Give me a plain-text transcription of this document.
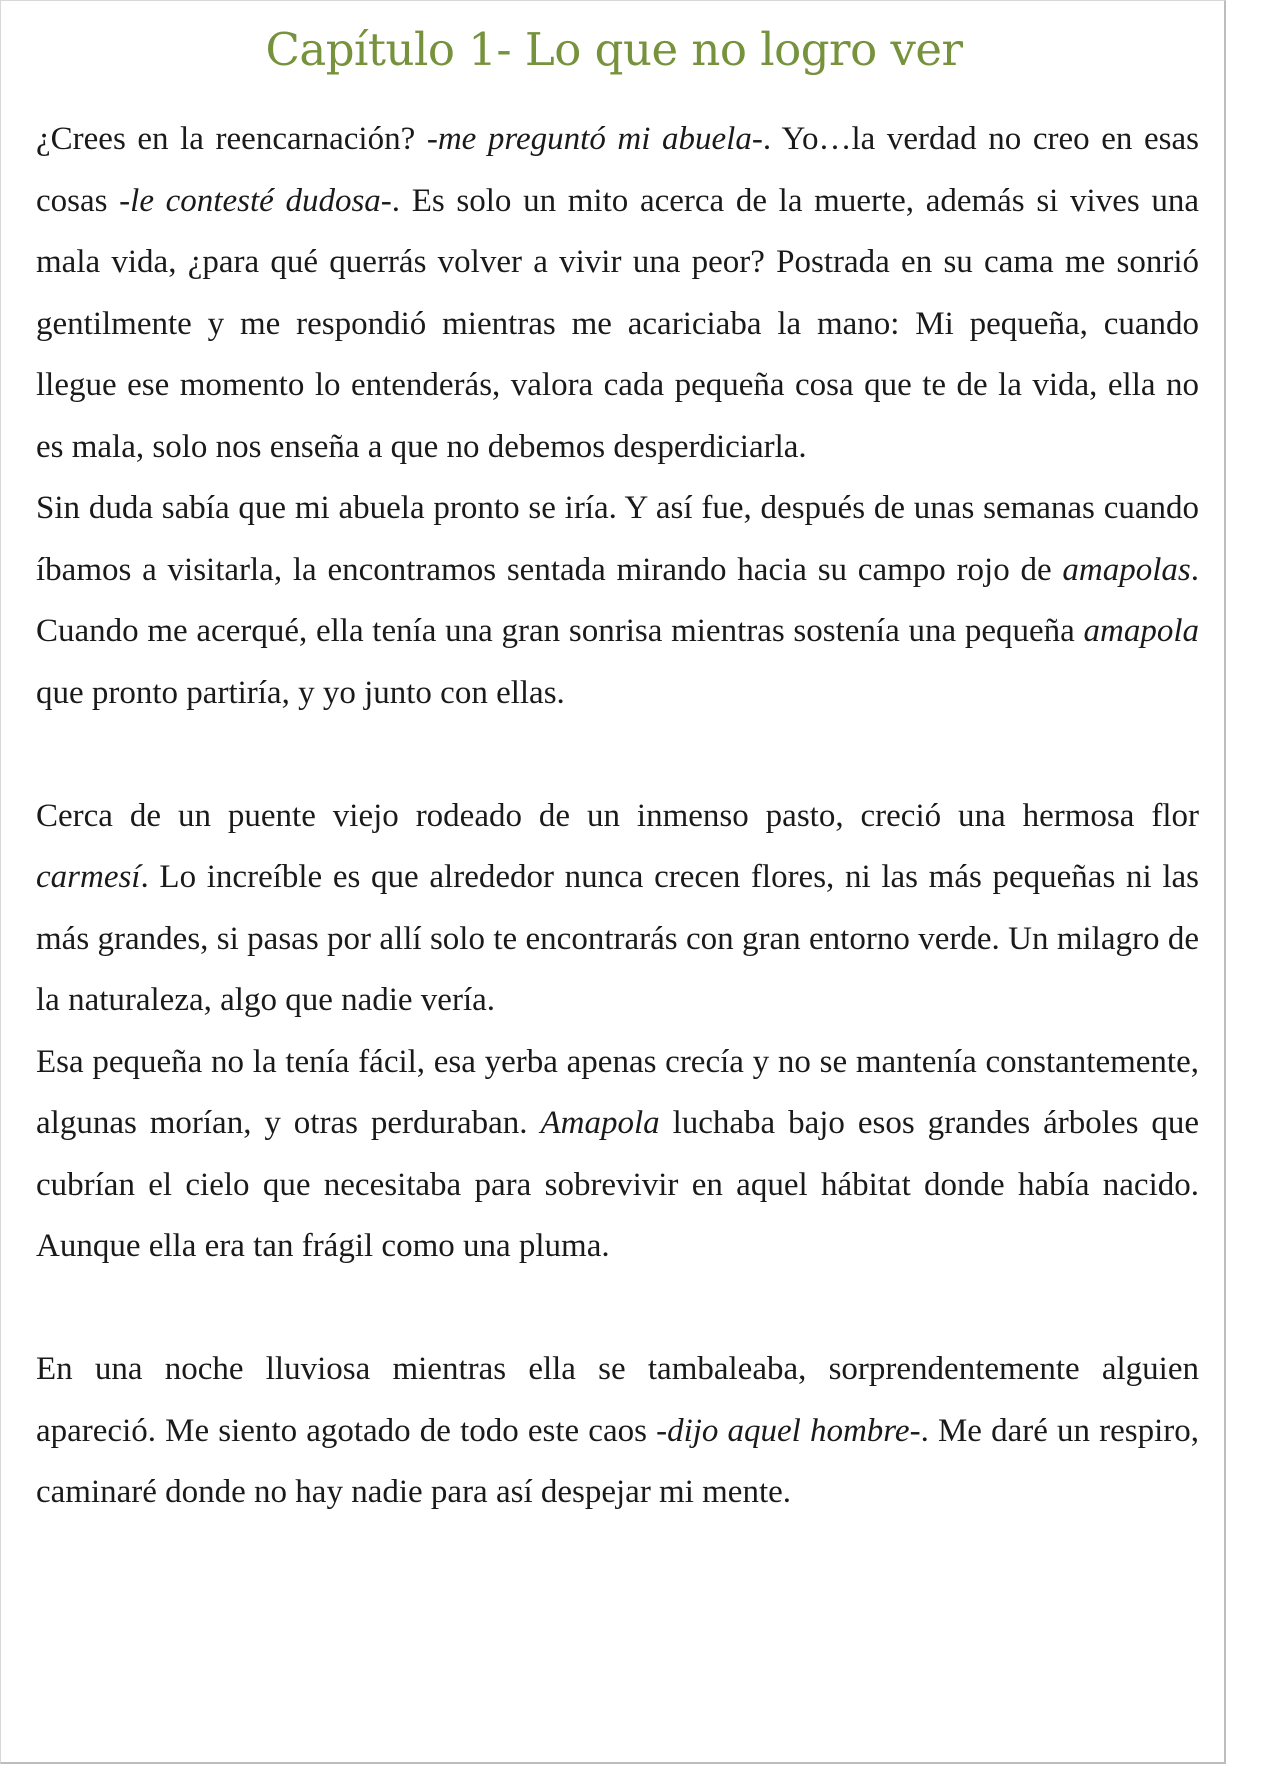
Capítulo 1- Lo que no logro ver

¿Crees en la reencarnación? -me preguntó mi abuela-. Yo…la verdad no creo en esas cosas -le contesté dudosa-. Es solo un mito acerca de la muerte, además si vives una mala vida, ¿para qué querrás volver a vivir una peor? Postrada en su cama me sonrió gentilmente y me respondió mientras me acariciaba la mano: Mi pequeña, cuando llegue ese momento lo entenderás, valora cada pequeña cosa que te de la vida, ella no es mala, solo nos enseña a que no debemos desperdiciarla.

Sin duda sabía que mi abuela pronto se iría. Y así fue, después de unas semanas cuando íbamos a visitarla, la encontramos sentada mirando hacia su campo rojo de amapolas. Cuando me acerqué, ella tenía una gran sonrisa mientras sostenía una pequeña amapola que pronto partiría, y yo junto con ellas.

Cerca de un puente viejo rodeado de un inmenso pasto, creció una hermosa flor carmesí. Lo increíble es que alrededor nunca crecen flores, ni las más pequeñas ni las más grandes, si pasas por allí solo te encontrarás con gran entorno verde. Un milagro de la naturaleza, algo que nadie vería.

Esa pequeña no la tenía fácil, esa yerba apenas crecía y no se mantenía constantemente, algunas morían, y otras perduraban. Amapola luchaba bajo esos grandes árboles que cubrían el cielo que necesitaba para sobrevivir en aquel hábitat donde había nacido. Aunque ella era tan frágil como una pluma.

En una noche lluviosa mientras ella se tambaleaba, sorprendentemente alguien apareció. Me siento agotado de todo este caos -dijo aquel hombre-. Me daré un respiro, caminaré donde no hay nadie para así despejar mi mente.
